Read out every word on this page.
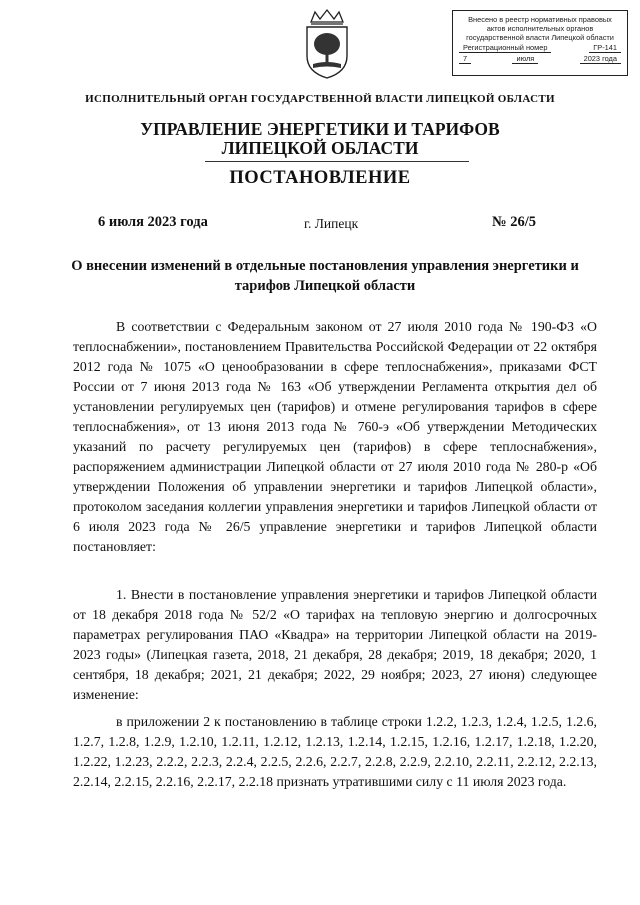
Внесено в реестр нормативных правовых
актов исполнительных органов
государственной власти Липецкой области
Регистрационный номер	ГР-141
7	июля	2023 года
ИСПОЛНИТЕЛЬНЫЙ ОРГАН ГОСУДАРСТВЕННОЙ ВЛАСТИ ЛИПЕЦКОЙ ОБЛАСТИ
УПРАВЛЕНИЕ ЭНЕРГЕТИКИ И ТАРИФОВ
ЛИПЕЦКОЙ ОБЛАСТИ
ПОСТАНОВЛЕНИЕ
6 июля 2023 года	г. Липецк	№ 26/5
О внесении изменений в отдельные постановления управления энергетики и тарифов Липецкой области
В соответствии с Федеральным законом от 27 июля 2010 года № 190-ФЗ «О теплоснабжении», постановлением Правительства Российской Федерации от 22 октября 2012 года № 1075 «О ценообразовании в сфере теплоснабжения», приказами ФСТ России от 7 июня 2013 года № 163 «Об утверждении Регламента открытия дел об установлении регулируемых цен (тарифов) и отмене регулирования тарифов в сфере теплоснабжения», от 13 июня 2013 года № 760-э «Об утверждении Методических указаний по расчету регулируемых цен (тарифов) в сфере теплоснабжения», распоряжением администрации Липецкой области от 27 июля 2010 года № 280-р «Об утверждении Положения об управлении энергетики и тарифов Липецкой области», протоколом заседания коллегии управления энергетики и тарифов Липецкой области от 6 июля 2023 года № 26/5 управление энергетики и тарифов Липецкой области постановляет:
1. Внести в постановление управления энергетики и тарифов Липецкой области от 18 декабря 2018 года № 52/2 «О тарифах на тепловую энергию и долгосрочных параметрах регулирования ПАО «Квадра» на территории Липецкой области на 2019-2023 годы» (Липецкая газета, 2018, 21 декабря, 28 декабря; 2019, 18 декабря; 2020, 1 сентября, 18 декабря; 2021, 21 декабря; 2022, 29 ноября; 2023, 27 июня) следующее изменение:
в приложении 2 к постановлению в таблице строки 1.2.2, 1.2.3, 1.2.4, 1.2.5, 1.2.6, 1.2.7, 1.2.8, 1.2.9, 1.2.10, 1.2.11, 1.2.12, 1.2.13, 1.2.14, 1.2.15, 1.2.16, 1.2.17, 1.2.18, 1.2.20, 1.2.22, 1.2.23, 2.2.2, 2.2.3, 2.2.4, 2.2.5, 2.2.6, 2.2.7, 2.2.8, 2.2.9, 2.2.10, 2.2.11, 2.2.12, 2.2.13, 2.2.14, 2.2.15, 2.2.16, 2.2.17, 2.2.18 признать утратившими силу с 11 июля 2023 года.
